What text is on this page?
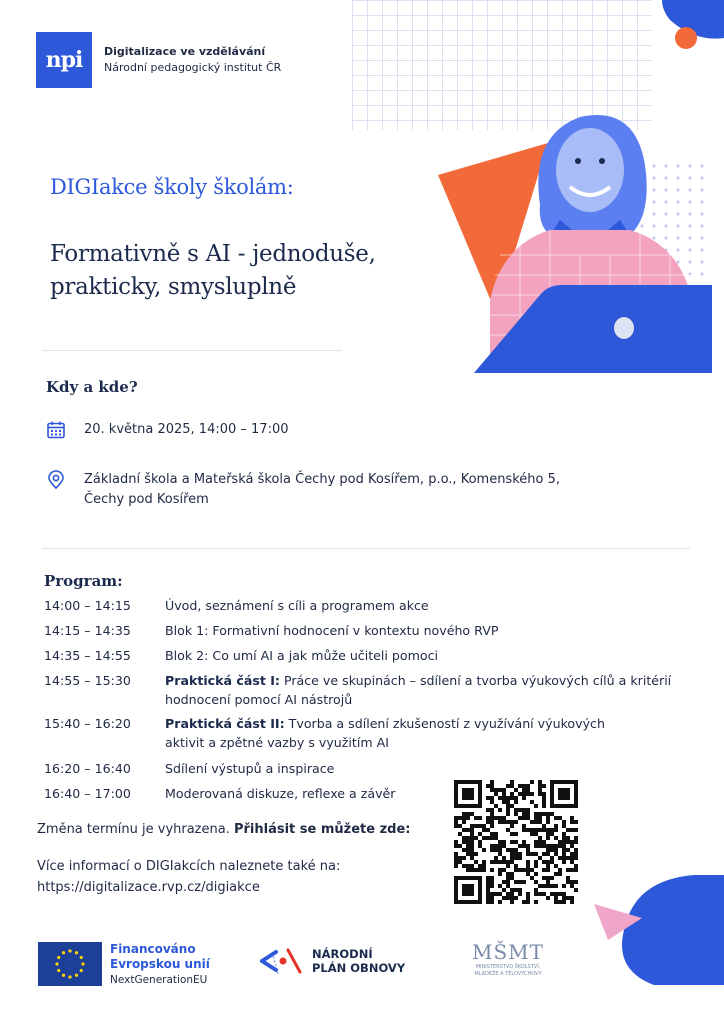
npi Digitalizace ve vzdělávání
Národní pedagogický institut ČR
DIGIakce školy školám:
Formativně s AI - jednoduše, prakticky, smysluplně
Kdy a kde?
20. května 2025, 14:00 – 17:00
Základní škola a Mateřská škola Čechy pod Kosířem, p.o., Komenského 5, Čechy pod Kosířem
Program:
14:00 – 14:15	Úvod, seznámení s cíli a programem akce
14:15 – 14:35	Blok 1: Formativní hodnocení v kontextu nového RVP
14:35 – 14:55	Blok 2: Co umí AI a jak může učiteli pomoci
14:55 – 15:30	Praktická část I: Práce ve skupinách – sdílení a tvorba výukových cílů a kritérií hodnocení pomocí AI nástrojů
15:40 – 16:20	Praktická část II: Tvorba a sdílení zkušeností z využívání výukových aktivit a zpětné vazby s využitím AI
16:20 – 16:40	Sdílení výstupů a inspirace
16:40 – 17:00	Moderovaná diskuze, reflexe a závěr
Změna termínu je vyhrazena. Přihlásit se můžete zde:
Více informací o DIGIakcích naleznete také na:
https://digitalizace.rvp.cz/digiakce
Financováno
Evropskou unií
NextGenerationEU
NÁRODNÍ
PLÁN OBNOVY
MŠMT
MINISTERSTVO ŠKOLSTVÍ,
MLÁDEŽE A TĚLOVÝCHOVY
